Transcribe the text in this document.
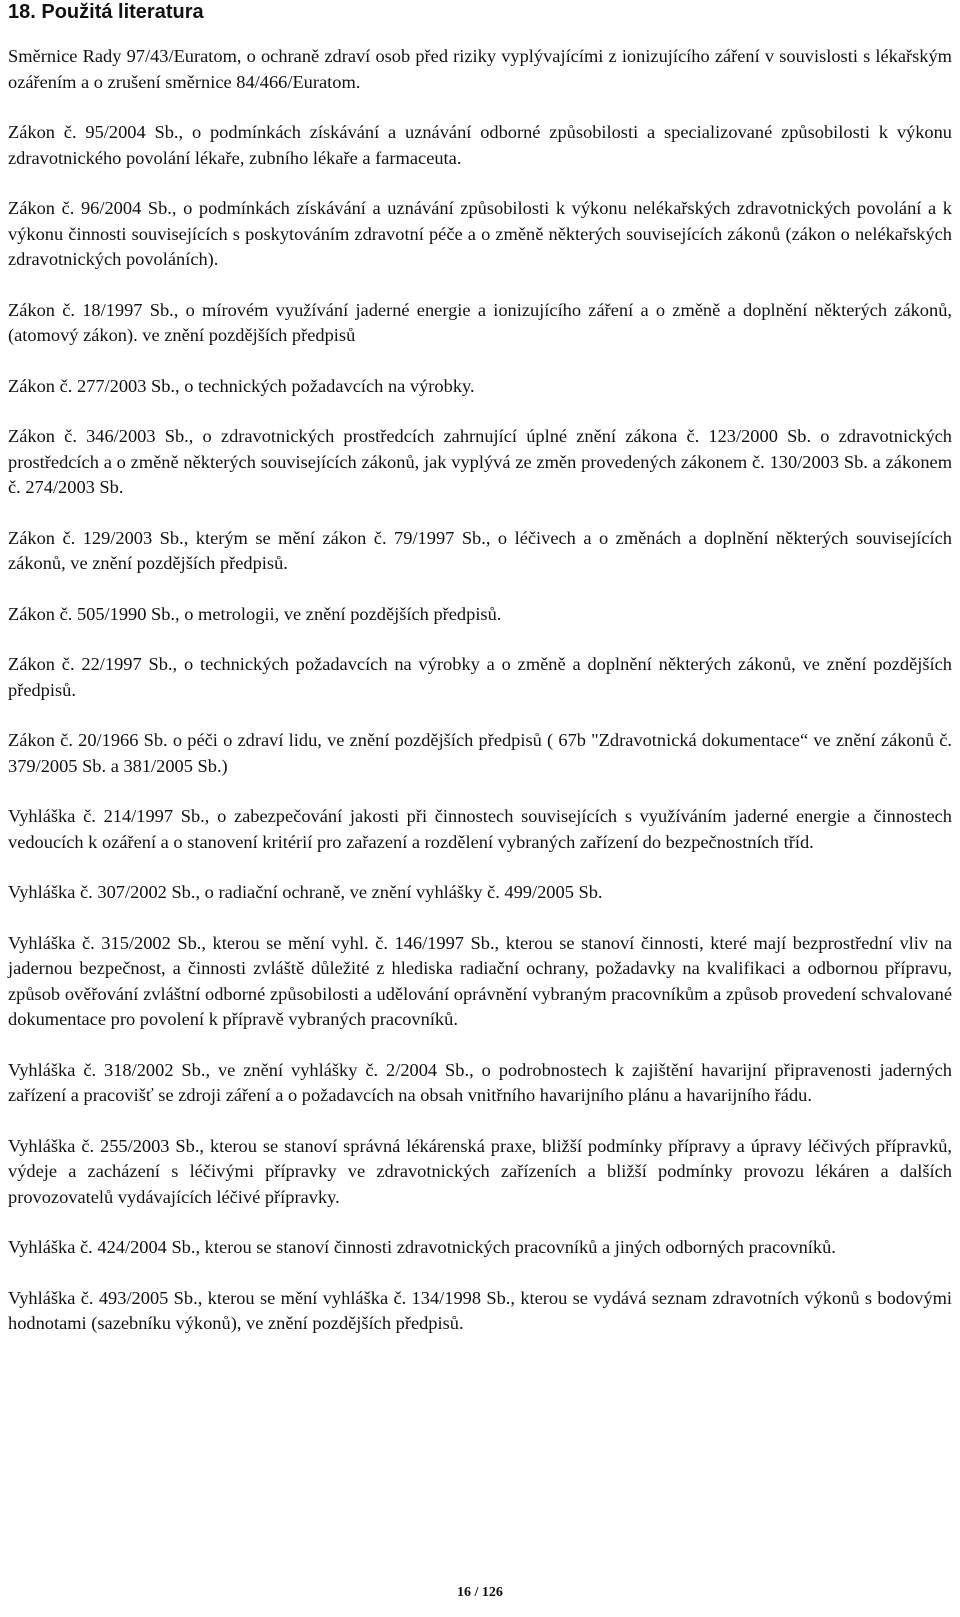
18. Použitá literatura
Směrnice Rady 97/43/Euratom, o ochraně zdraví osob před riziky vyplývajícími z ionizujícího záření v souvislosti s lékařským ozářením a o zrušení směrnice 84/466/Euratom.
Zákon č. 95/2004 Sb., o podmínkách získávání a uznávání odborné způsobilosti a specializované způsobilosti k výkonu zdravotnického povolání lékaře, zubního lékaře a farmaceuta.
Zákon č. 96/2004 Sb., o podmínkách získávání a uznávání způsobilosti k výkonu nelékařských zdravotnických povolání a k výkonu činnosti souvisejících s poskytováním zdravotní péče a o změně některých souvisejících zákonů (zákon o nelékařských zdravotnických povoláních).
Zákon č. 18/1997 Sb., o mírovém využívání jaderné energie a ionizujícího záření a o změně a doplnění některých zákonů, (atomový zákon). ve znění pozdějších předpisů
Zákon č. 277/2003 Sb., o technických požadavcích na výrobky.
Zákon č. 346/2003 Sb., o zdravotnických prostředcích zahrnující úplné znění zákona č. 123/2000 Sb. o zdravotnických prostředcích a o změně některých souvisejících zákonů, jak vyplývá ze změn provedených zákonem č. 130/2003 Sb. a zákonem č. 274/2003 Sb.
Zákon č. 129/2003 Sb., kterým se mění zákon č. 79/1997 Sb., o léčivech a o změnách a doplnění některých souvisejících zákonů, ve znění pozdějších předpisů.
Zákon č. 505/1990 Sb., o metrologii, ve znění pozdějších předpisů.
Zákon č. 22/1997 Sb., o technických požadavcích na výrobky a o změně a doplnění některých zákonů, ve znění pozdějších předpisů.
Zákon č. 20/1966 Sb. o péči o zdraví lidu, ve znění pozdějších předpisů ( 67b "Zdravotnická dokumentace“ ve znění zákonů č. 379/2005 Sb. a 381/2005 Sb.)
Vyhláška č. 214/1997 Sb., o zabezpečování jakosti při činnostech souvisejících s využíváním jaderné energie a činnostech vedoucích k ozáření a o stanovení kritérií pro zařazení a rozdělení vybraných zařízení do bezpečnostních tříd.
Vyhláška č. 307/2002 Sb., o radiační ochraně, ve znění vyhlášky č. 499/2005 Sb.
Vyhláška č. 315/2002 Sb., kterou se mění vyhl. č. 146/1997 Sb., kterou se stanoví činnosti, které mají bezprostřední vliv na jadernou bezpečnost, a činnosti zvláště důležité z hlediska radiační ochrany, požadavky na kvalifikaci a odbornou přípravu, způsob ověřování zvláštní odborné způsobilosti a udělování oprávnění vybraným pracovníkům a způsob provedení schvalované dokumentace pro povolení k přípravě vybraných pracovníků.
Vyhláška č. 318/2002 Sb., ve znění vyhlášky č. 2/2004 Sb., o podrobnostech k zajištění havarijní připravenosti jaderných zařízení a pracovišť se zdroji záření a o požadavcích na obsah vnitřního havarijního plánu a havarijního řádu.
Vyhláška č. 255/2003 Sb., kterou se stanoví správná lékárenská praxe, bližší podmínky přípravy a úpravy léčivých přípravků, výdeje a zacházení s léčivými přípravky ve zdravotnických zařízeních a bližší podmínky provozu lékáren a dalších provozovatelů vydávajících léčivé přípravky.
Vyhláška č. 424/2004 Sb., kterou se stanoví činnosti zdravotnických pracovníků a jiných odborných pracovníků.
Vyhláška č. 493/2005 Sb., kterou se mění vyhláška č. 134/1998 Sb., kterou se vydává seznam zdravotních výkonů s bodovými hodnotami (sazebníku výkonů), ve znění pozdějších předpisů.
16 / 126
